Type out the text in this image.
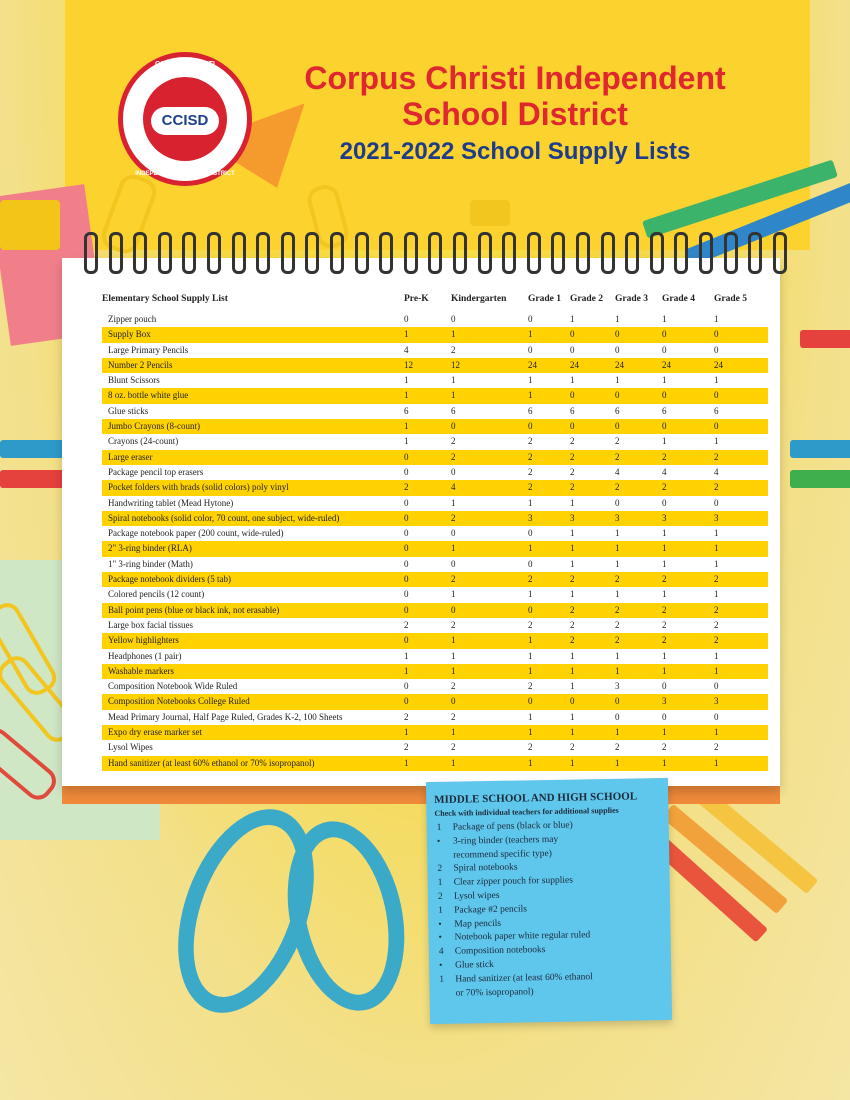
CORPUS CHRISTI
CCISD
INDEPENDENT SCHOOL DISTRICT
Corpus Christi Independent
School District
2021-2022 School Supply Lists
Elementary School Supply List	Pre-K Kindergarten Grade 1 Grade 2 Grade 3 Grade 4 Grade 5
Zipper pouch	0	0	0	1	1	1	1
Supply Box	1	1	1	0	0	0	0
Large Primary Pencils	4	2	0	0	0	0	0
Number 2 Pencils	12	12	24	24	24	24	24
Blunt Scissors	1	1	1	1	1	1	1
8 oz. bottle white glue	1	1	1	0	0	0	0
Glue sticks	6	6	6	6	6	6	6
Jumbo Crayons (8-count)	1	0	0	0	0	0	0
Crayons (24-count)	1	2	2	2	2	1	1
Large eraser	0	2	2	2	2	2	2
Package pencil top erasers	0	0	2	2	4	4	4
Pocket folders with brads (solid colors) poly vinyl	2	4	2	2	2	2	2
Handwriting tablet (Mead Hytone)	0	1	1	1	0	0	0
Spiral notebooks (solid color, 70 count, one subject, wide-ruled)	0	2	3	3	3	3	3
Package notebook paper (200 count, wide-ruled)	0	0	0	1	1	1	1
2" 3-ring binder (RLA)	0	1	1	1	1	1	1
1" 3-ring binder (Math)	0	0	0	1	1	1	1
Package notebook dividers (5 tab)	0	2	2	2	2	2	2
Colored pencils (12 count)	0	1	1	1	1	1	1
Ball point pens (blue or black ink, not erasable)	0	0	0	2	2	2	2
Large box facial tissues	2	2	2	2	2	2	2
Yellow highlighters	0	1	1	2	2	2	2
Headphones (1 pair)	1	1	1	1	1	1	1
Washable markers	1	1	1	1	1	1	1
Composition Notebook Wide Ruled	0	2	2	1	3	0	0
Composition Notebooks College Ruled	0	0	0	0	0	3	3
Mead Primary Journal, Half Page Ruled, Grades K-2, 100 Sheets	2	2	1	1	0	0	0
Expo dry erase marker set	1	1	1	1	1	1	1
Lysol Wipes	2	2	2	2	2	2	2
Hand sanitizer (at least 60% ethanol or 70% isopropanol)	1	1	1	1	1	1	1
MIDDLE SCHOOL AND HIGH SCHOOL
Check with individual teachers for additional supplies
1 Package of pens (black or blue)
• 3-ring binder (teachers may
recommend specific type)
2 Spiral notebooks
1 Clear zipper pouch for supplies
2 Lysol wipes
1 Package #2 pencils
• Map pencils
• Notebook paper white regular ruled
4 Composition notebooks
• Glue stick
1 Hand sanitizer (at least 60% ethanol
or 70% isopropanol)
